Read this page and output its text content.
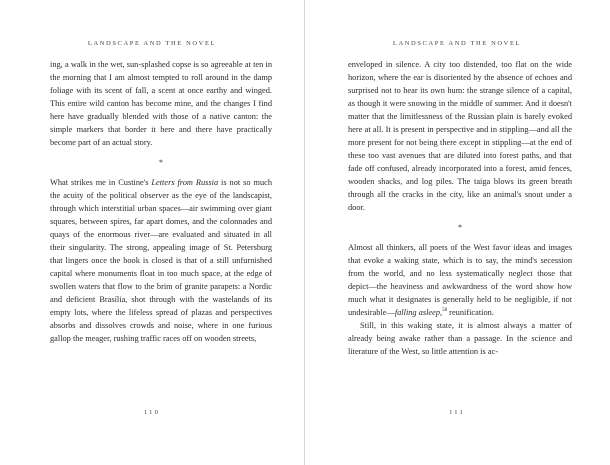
LANDSCAPE AND THE NOVEL

ing, a walk in the wet, sun-splashed copse is so agreeable at ten in the morning that I am almost tempted to roll around in the damp foliage with its scent of fall, a scent at once earthy and winged. This entire wild canton has become mine, and the changes I find here have gradually blended with those of a native canton: the simple markers that border it here and there have practically become part of an actual story.

*

What strikes me in Custine's Letters from Russia is not so much the acuity of the political observer as the eye of the landscapist, through which interstitial urban spaces—air swimming over giant squares, between spires, far apart domes, and the colonnades and quays of the enormous river—are evaluated and situated in all their singularity. The strong, appealing image of St. Petersburg that lingers once the book is closed is that of a still unfurnished capital where monuments float in too much space, at the edge of swollen waters that flow to the brim of granite parapets: a Nordic and deficient Brasília, shot through with the wastelands of its empty lots, where the lifeless spread of plazas and perspectives absorbs and dissolves crowds and noise, where in one furious gallop the meager, rushing traffic races off on wooden streets,

110
LANDSCAPE AND THE NOVEL

enveloped in silence. A city too distended, too flat on the wide horizon, where the ear is disoriented by the absence of echoes and surprised not to hear its own hum: the strange silence of a capital, as though it were snowing in the middle of summer. And it doesn't matter that the limitlessness of the Russian plain is barely evoked here at all. It is present in perspective and in stippling—and all the more present for not being there except in stippling—at the end of these too vast avenues that are diluted into forest paths, and that fade off confused, already incorporated into a forest, amid fences, wooden shacks, and log piles. The taiga blows its green breath through all the cracks in the city, like an animal's snout under a door.

*

Almost all thinkers, all poets of the West favor ideas and images that evoke a waking state, which is to say, the mind's secession from the world, and no less systematically neglect those that depict—the heaviness and awkwardness of the word show how much what it designates is generally held to be negligible, if not undesirable—falling asleep,$^{58}$ reunification.

Still, in this waking state, it is almost always a matter of already being awake rather than a passage. In the science and literature of the West, so little attention is ac-

111
